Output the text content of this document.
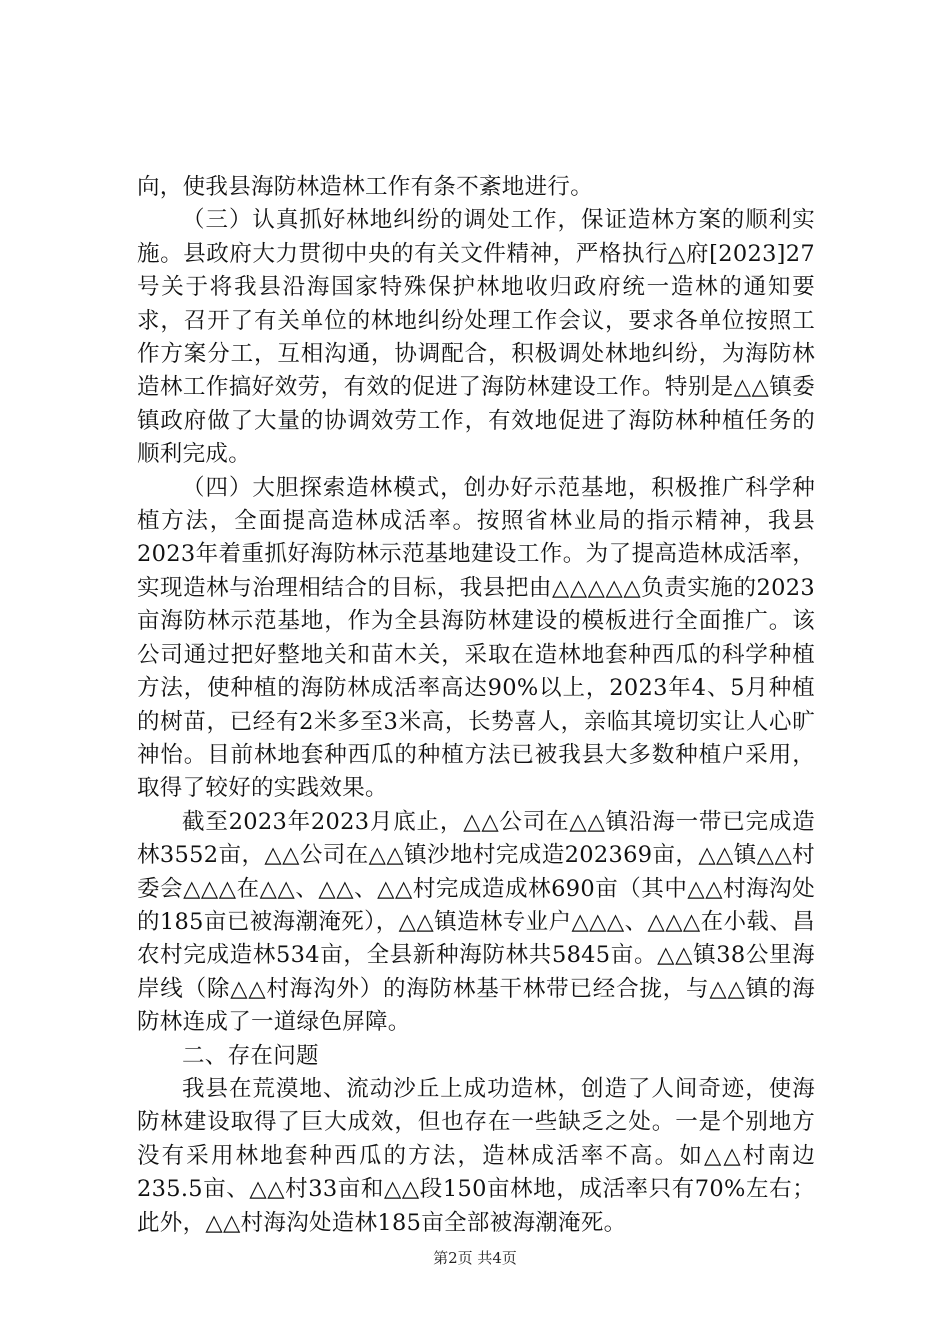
向，使我县海防林造林工作有条不紊地进行。

（三）认真抓好林地纠纷的调处工作，保证造林方案的顺利实施。县政府大力贯彻中央的有关文件精神，严格执行△府[2023]27号关于将我县沿海国家特殊保护林地收归政府统一造林的通知要求，召开了有关单位的林地纠纷处理工作会议，要求各单位按照工作方案分工，互相沟通，协调配合，积极调处林地纠纷，为海防林造林工作搞好效劳，有效的促进了海防林建设工作。特别是△△镇委镇政府做了大量的协调效劳工作，有效地促进了海防林种植任务的顺利完成。

（四）大胆探索造林模式，创办好示范基地，积极推广科学种植方法，全面提高造林成活率。按照省林业局的指示精神，我县2023年着重抓好海防林示范基地建设工作。为了提高造林成活率，实现造林与治理相结合的目标，我县把由△△△△△负责实施的2023亩海防林示范基地，作为全县海防林建设的模板进行全面推广。该公司通过把好整地关和苗木关，采取在造林地套种西瓜的科学种植方法，使种植的海防林成活率高达90%以上，2023年4、5月种植的树苗，已经有2米多至3米高，长势喜人，亲临其境切实让人心旷神怡。目前林地套种西瓜的种植方法已被我县大多数种植户采用，取得了较好的实践效果。

截至2023年2023月底止，△△公司在△△镇沿海一带已完成造林3552亩，△△公司在△△镇沙地村完成造202369亩，△△镇△△村委会△△△在△△、△△、△△村完成造成林690亩（其中△△村海沟处的185亩已被海潮淹死），△△镇造林专业户△△△、△△△在小载、昌农村完成造林534亩，全县新种海防林共5845亩。△△镇38公里海岸线（除△△村海沟外）的海防林基干林带已经合拢，与△△镇的海防林连成了一道绿色屏障。

二、存在问题

我县在荒漠地、流动沙丘上成功造林，创造了人间奇迹，使海防林建设取得了巨大成效，但也存在一些缺乏之处。一是个别地方没有采用林地套种西瓜的方法，造林成活率不高。如△△村南边235.5亩、△△村33亩和△△段150亩林地，成活率只有70%左右；此外，△△村海沟处造林185亩全部被海潮淹死。

第2页 共4页
